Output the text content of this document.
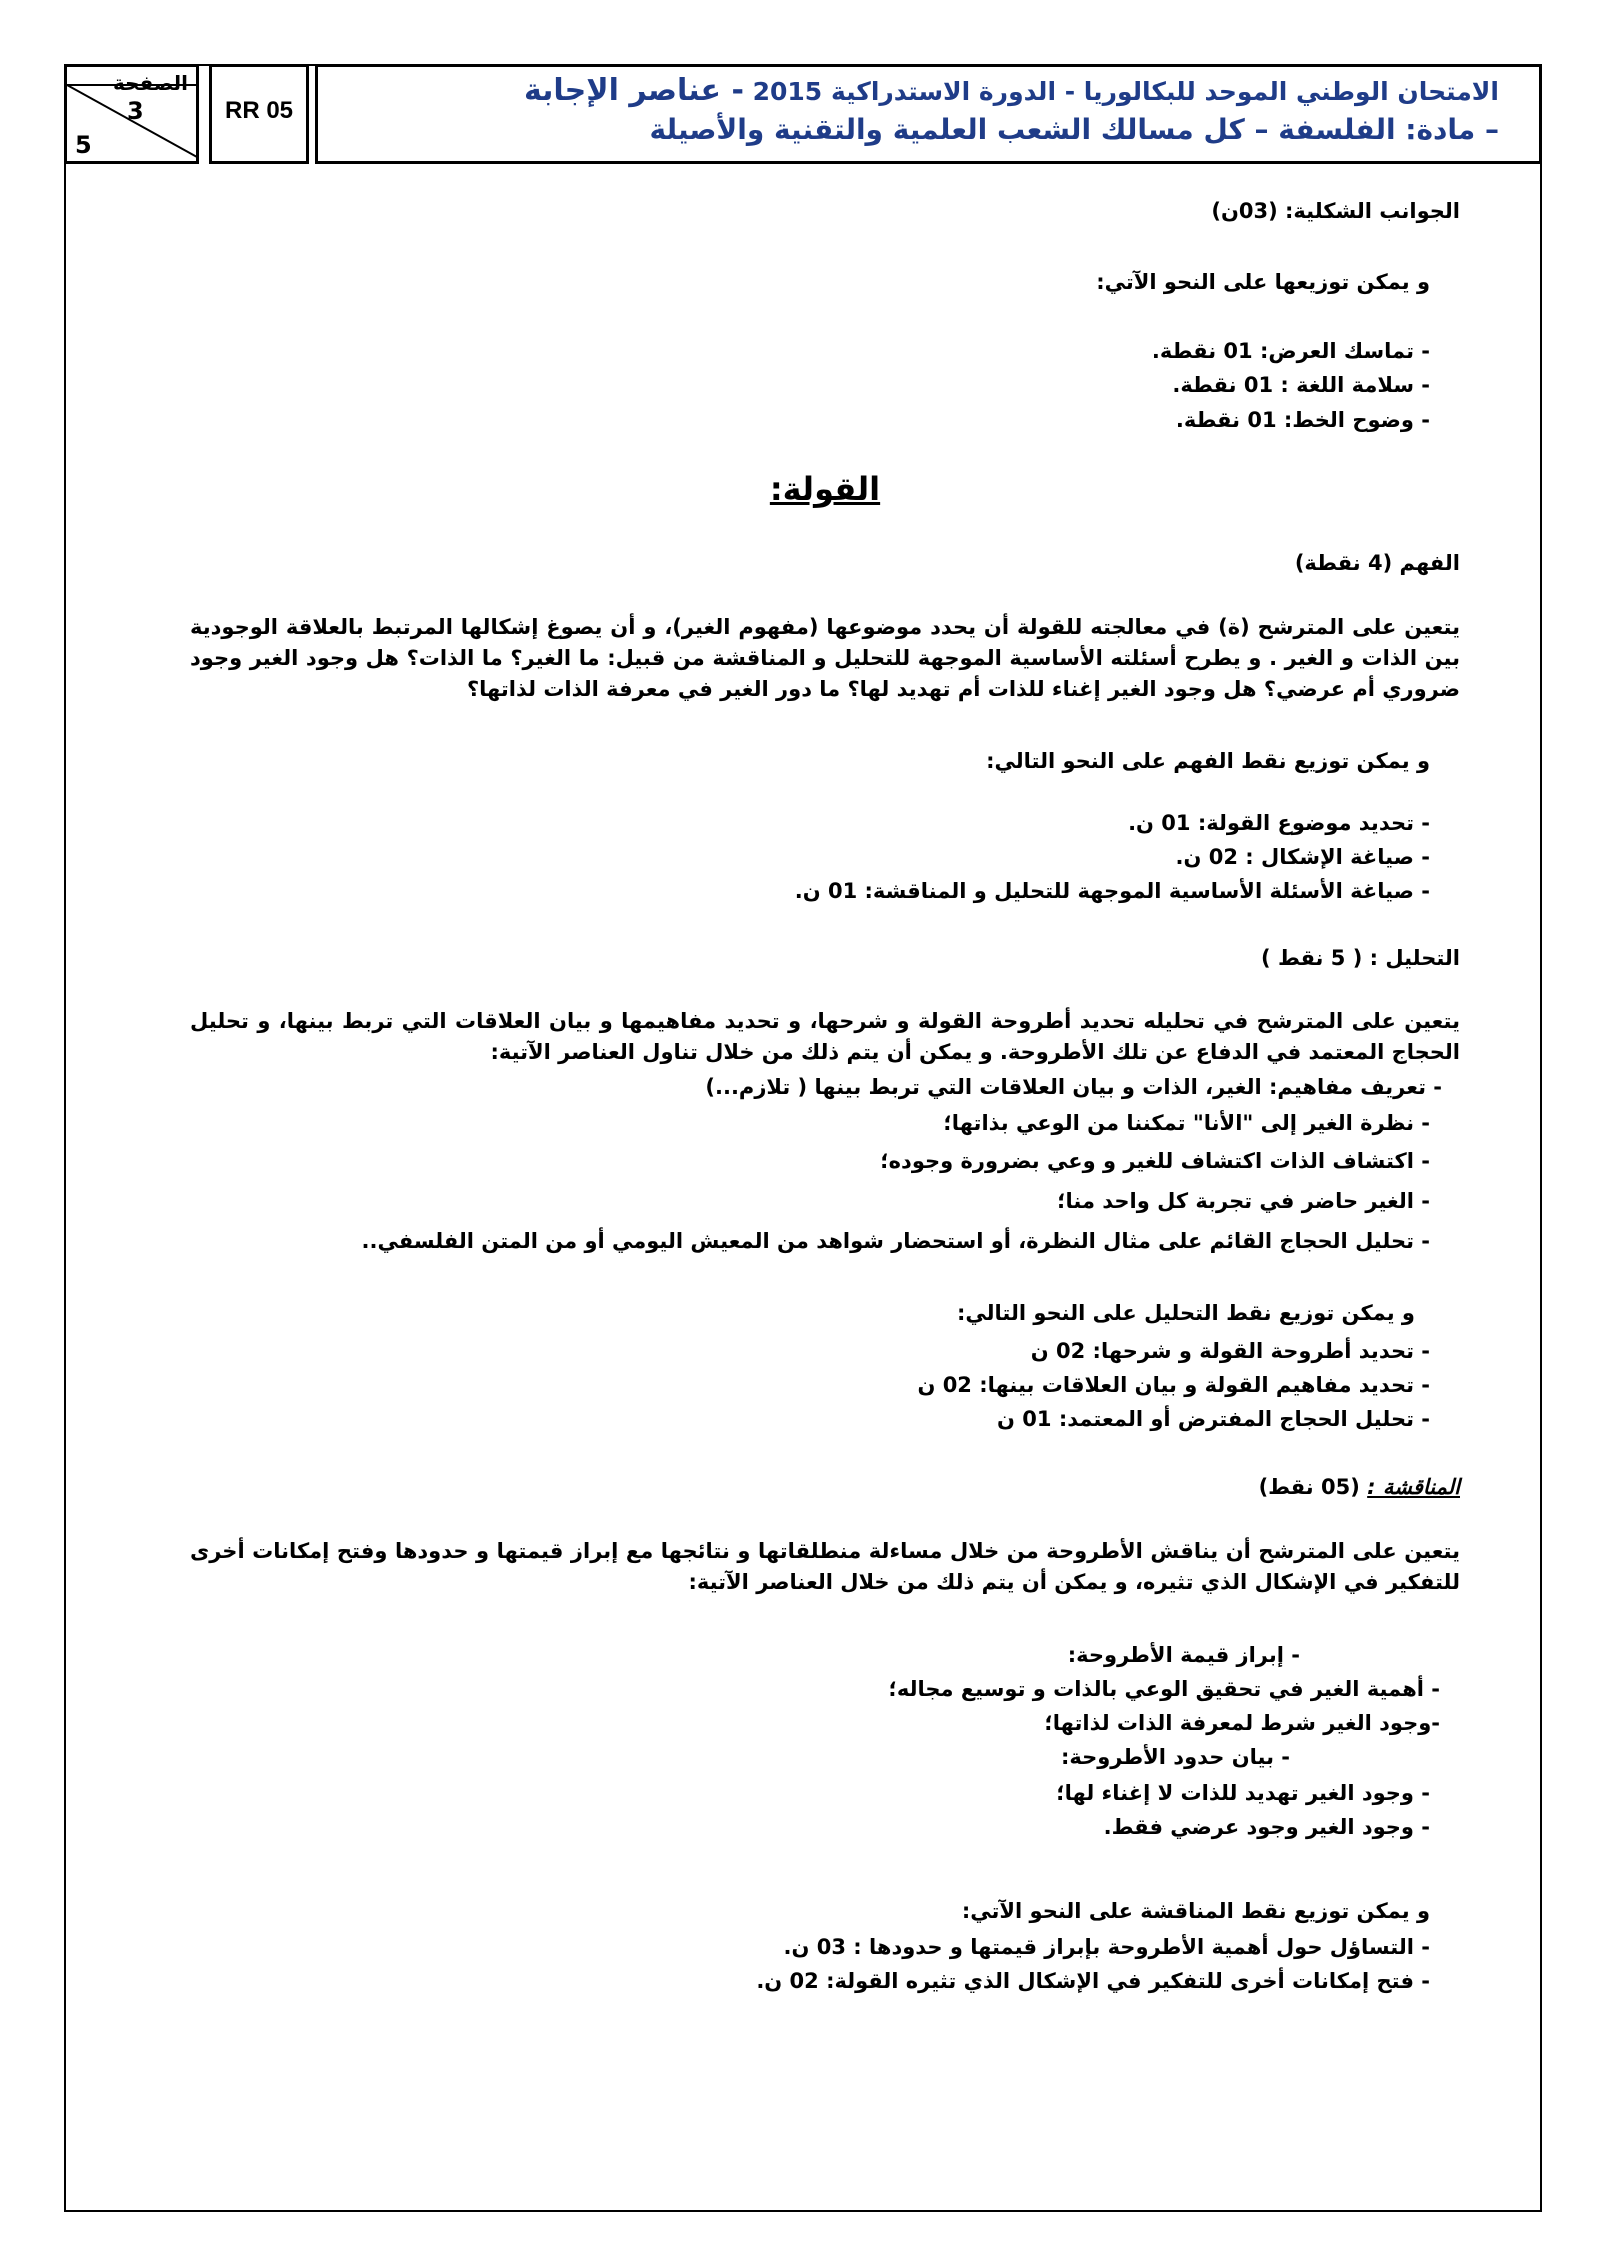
الصفحة
3
5
RR 05
الامتحان الوطني الموحد للبكالوريا - الدورة الاستدراكية 2015 - عناصر الإجابة
– مادة: الفلسفة – كل مسالك الشعب العلمية والتقنية والأصيلة
الجوانب الشكلية: (03ن)
و يمكن توزيعها على النحو الآتي:
- تماسك العرض: 01 نقطة.
- سلامة اللغة : 01 نقطة.
- وضوح الخط: 01 نقطة.
القولة:
الفهم (4 نقطة)
يتعين على المترشح (ة) في معالجته للقولة أن يحدد موضوعها (مفهوم الغير)، و أن يصوغ إشكالها المرتبط بالعلاقة الوجودية بين الذات و الغير . و يطرح أسئلته الأساسية الموجهة للتحليل و المناقشة من قبيل: ما الغير؟ ما الذات؟ هل وجود الغير وجود ضروري أم عرضي؟ هل وجود الغير إغناء للذات أم تهديد لها؟ ما دور الغير في معرفة الذات لذاتها؟
و يمكن توزيع نقط الفهم على النحو التالي:
- تحديد موضوع القولة: 01 ن.
- صياغة الإشكال : 02 ن.
- صياغة الأسئلة الأساسية الموجهة للتحليل و المناقشة: 01 ن.
التحليل : ( 5 نقط )
يتعين على المترشح في تحليله تحديد أطروحة القولة و شرحها، و تحديد مفاهيمها و بيان العلاقات التي تربط بينها، و تحليل الحجاج المعتمد في الدفاع عن تلك الأطروحة. و يمكن أن يتم ذلك من خلال تناول العناصر الآتية:
- تعريف مفاهيم: الغير، الذات و بيان العلاقات التي تربط بينها ( تلازم...)
- نظرة الغير إلى "الأنا" تمكننا من الوعي بذاتها؛
- اكتشاف الذات اكتشاف للغير و وعي بضرورة وجوده؛
- الغير حاضر في تجربة كل واحد منا؛
- تحليل الحجاج القائم على مثال النظرة، أو استحضار شواهد من المعيش اليومي أو من المتن الفلسفي..
و يمكن توزيع نقط التحليل على النحو التالي:
- تحديد أطروحة القولة و شرحها: 02 ن
- تحديد مفاهيم القولة و بيان العلاقات بينها: 02 ن
- تحليل الحجاج المفترض أو المعتمد: 01 ن
المناقشة : (05 نقط)
يتعين على المترشح أن يناقش الأطروحة من خلال مساءلة منطلقاتها و نتائجها مع إبراز قيمتها و حدودها وفتح إمكانات أخرى للتفكير في الإشكال الذي تثيره، و يمكن أن يتم ذلك من خلال العناصر الآتية:
- إبراز قيمة الأطروحة:
- أهمية الغير في تحقيق الوعي بالذات و توسيع مجاله؛
-وجود الغير شرط لمعرفة الذات لذاتها؛
- بيان حدود الأطروحة:
- وجود الغير تهديد للذات لا إغناء لها؛
- وجود الغير وجود عرضي فقط.
و يمكن توزيع نقط المناقشة على النحو الآتي:
- التساؤل حول أهمية الأطروحة بإبراز قيمتها و حدودها : 03 ن.
- فتح إمكانات أخرى للتفكير في الإشكال الذي تثيره القولة: 02 ن.
